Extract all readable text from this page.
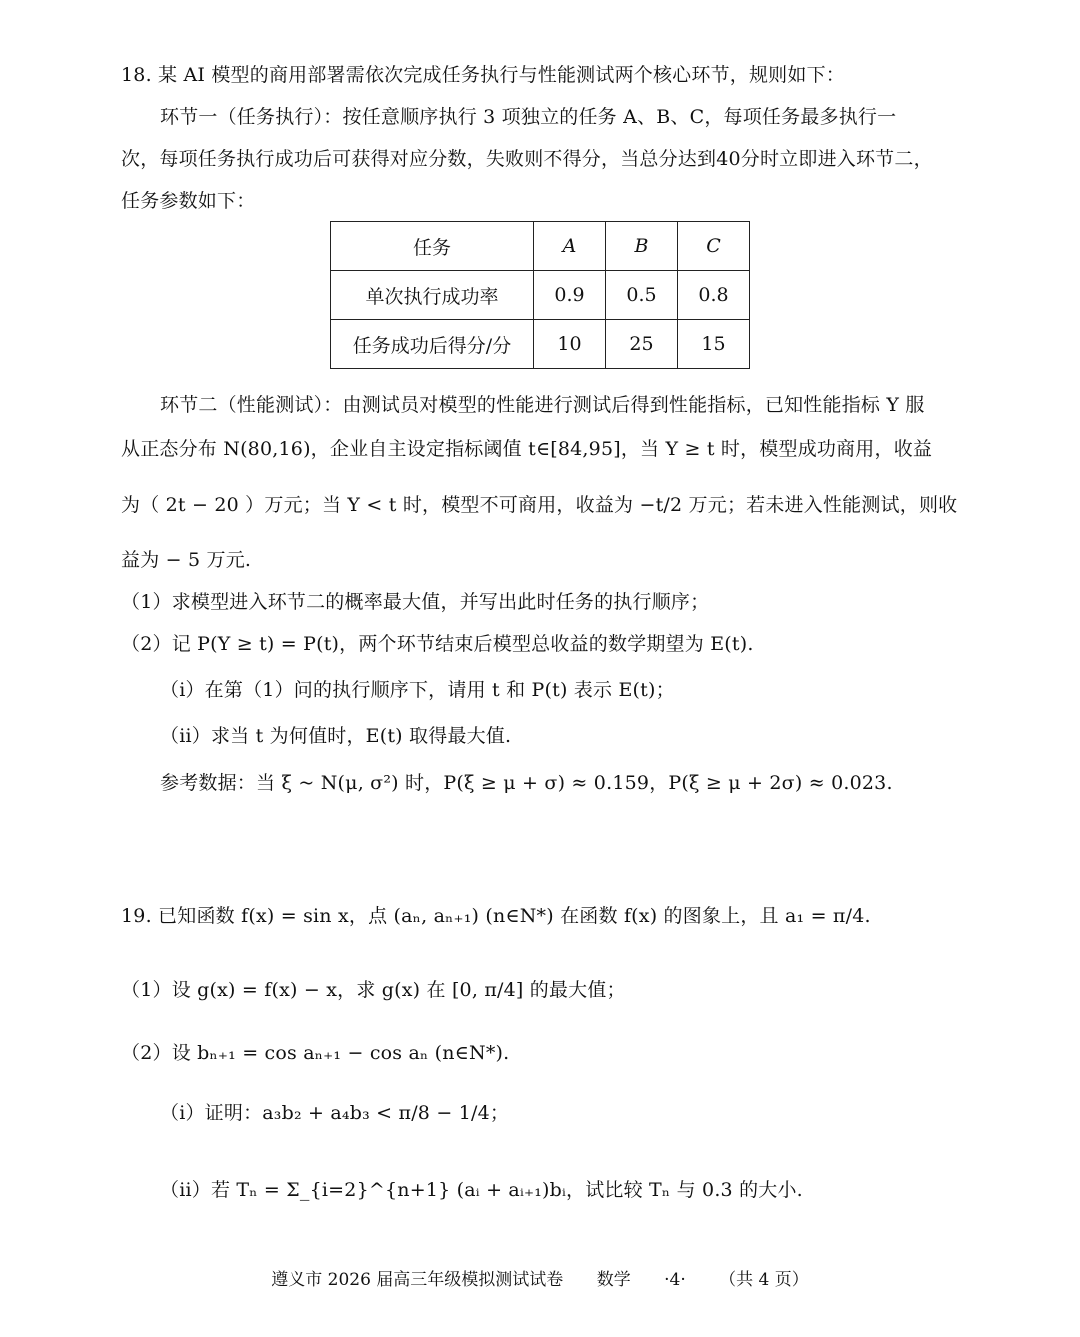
18. 某 AI 模型的商用部署需依次完成任务执行与性能测试两个核心环节，规则如下：
环节一（任务执行）：按任意顺序执行 3 项独立的任务 A、B、C，每项任务最多执行一
次，每项任务执行成功后可获得对应分数，失败则不得分，当总分达到40分时立即进入环节二，
任务参数如下：
任务	A	B	C
单次执行成功率	0.9	0.5	0.8
任务成功后得分/分	10	25	15
环节二（性能测试）：由测试员对模型的性能进行测试后得到性能指标，已知性能指标 Y 服
从正态分布 N(80,16)，企业自主设定指标阈值 t∈[84,95]，当 Y ≥ t 时，模型成功商用，收益
为（ 2t − 20 ）万元；当 Y < t 时，模型不可商用，收益为 −t/2 万元；若未进入性能测试，则收
益为 − 5 万元.
（1）求模型进入环节二的概率最大值，并写出此时任务的执行顺序；
（2）记 P(Y ≥ t) = P(t)，两个环节结束后模型总收益的数学期望为 E(t).
（i）在第（1）问的执行顺序下，请用 t 和 P(t) 表示 E(t)；
（ii）求当 t 为何值时，E(t) 取得最大值.
参考数据：当 ξ ~ N(μ, σ²) 时，P(ξ ≥ μ + σ) ≈ 0.159，P(ξ ≥ μ + 2σ) ≈ 0.023.
19. 已知函数 f(x) = sin x，点 (aₙ, aₙ₊₁) (n∈N*) 在函数 f(x) 的图象上，且 a₁ = π/4.
（1）设 g(x) = f(x) − x，求 g(x) 在 [0, π/4] 的最大值；
（2）设 bₙ₊₁ = cos aₙ₊₁ − cos aₙ (n∈N*).
（i）证明：a₃b₂ + a₄b₃ < π/8 − 1/4；
（ii）若 Tₙ = Σ_{i=2}^{n+1} (aᵢ + aᵢ₊₁)bᵢ，试比较 Tₙ 与 0.3 的大小.
遵义市 2026 届高三年级模拟测试试卷 数学 ·4· （共 4 页）
